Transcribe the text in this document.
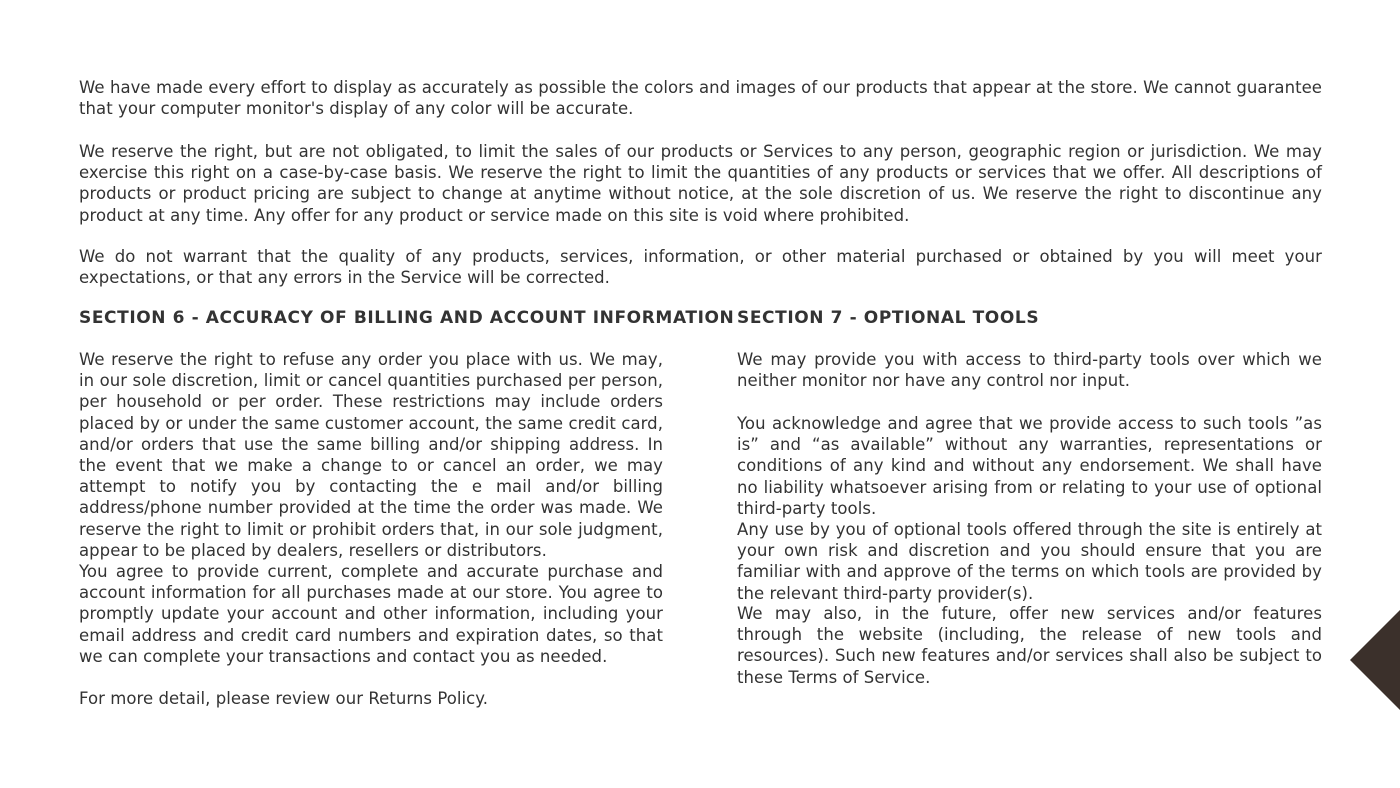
We have made every effort to display as accurately as possible the colors and images of our products that appear at the store. We cannot guarantee that your computer monitor's display of any color will be accurate.

We reserve the right, but are not obligated, to limit the sales of our products or Services to any person, geographic region or jurisdiction. We may exercise this right on a case-by-case basis. We reserve the right to limit the quantities of any products or services that we offer. All descriptions of products or product pricing are subject to change at anytime without notice, at the sole discretion of us. We reserve the right to discontinue any product at any time. Any offer for any product or service made on this site is void where prohibited.

We do not warrant that the quality of any products, services, information, or other material purchased or obtained by you will meet your expectations, or that any errors in the Service will be corrected.

SECTION 6 - ACCURACY OF BILLING AND ACCOUNT INFORMATION

We reserve the right to refuse any order you place with us. We may, in our sole discretion, limit or cancel quantities purchased per person, per household or per order. These restrictions may include orders placed by or under the same customer account, the same credit card, and/or orders that use the same billing and/or shipping address. In the event that we make a change to or cancel an order, we may attempt to notify you by contacting the e mail and/or billing address/phone number provided at the time the order was made. We reserve the right to limit or prohibit orders that, in our sole judgment, appear to be placed by dealers, resellers or distributors.

You agree to provide current, complete and accurate purchase and account information for all purchases made at our store. You agree to promptly update your account and other information, including your email address and credit card numbers and expiration dates, so that we can complete your transactions and contact you as needed.

For more detail, please review our Returns Policy.

SECTION 7 - OPTIONAL TOOLS

We may provide you with access to third-party tools over which we neither monitor nor have any control nor input.

You acknowledge and agree that we provide access to such tools ”as is” and “as available” without any warranties, representations or conditions of any kind and without any endorsement. We shall have no liability whatsoever arising from or relating to your use of optional third-party tools.

Any use by you of optional tools offered through the site is entirely at your own risk and discretion and you should ensure that you are familiar with and approve of the terms on which tools are provided by the relevant third-party provider(s).

We may also, in the future, offer new services and/or features through the website (including, the release of new tools and resources). Such new features and/or services shall also be subject to these Terms of Service.
